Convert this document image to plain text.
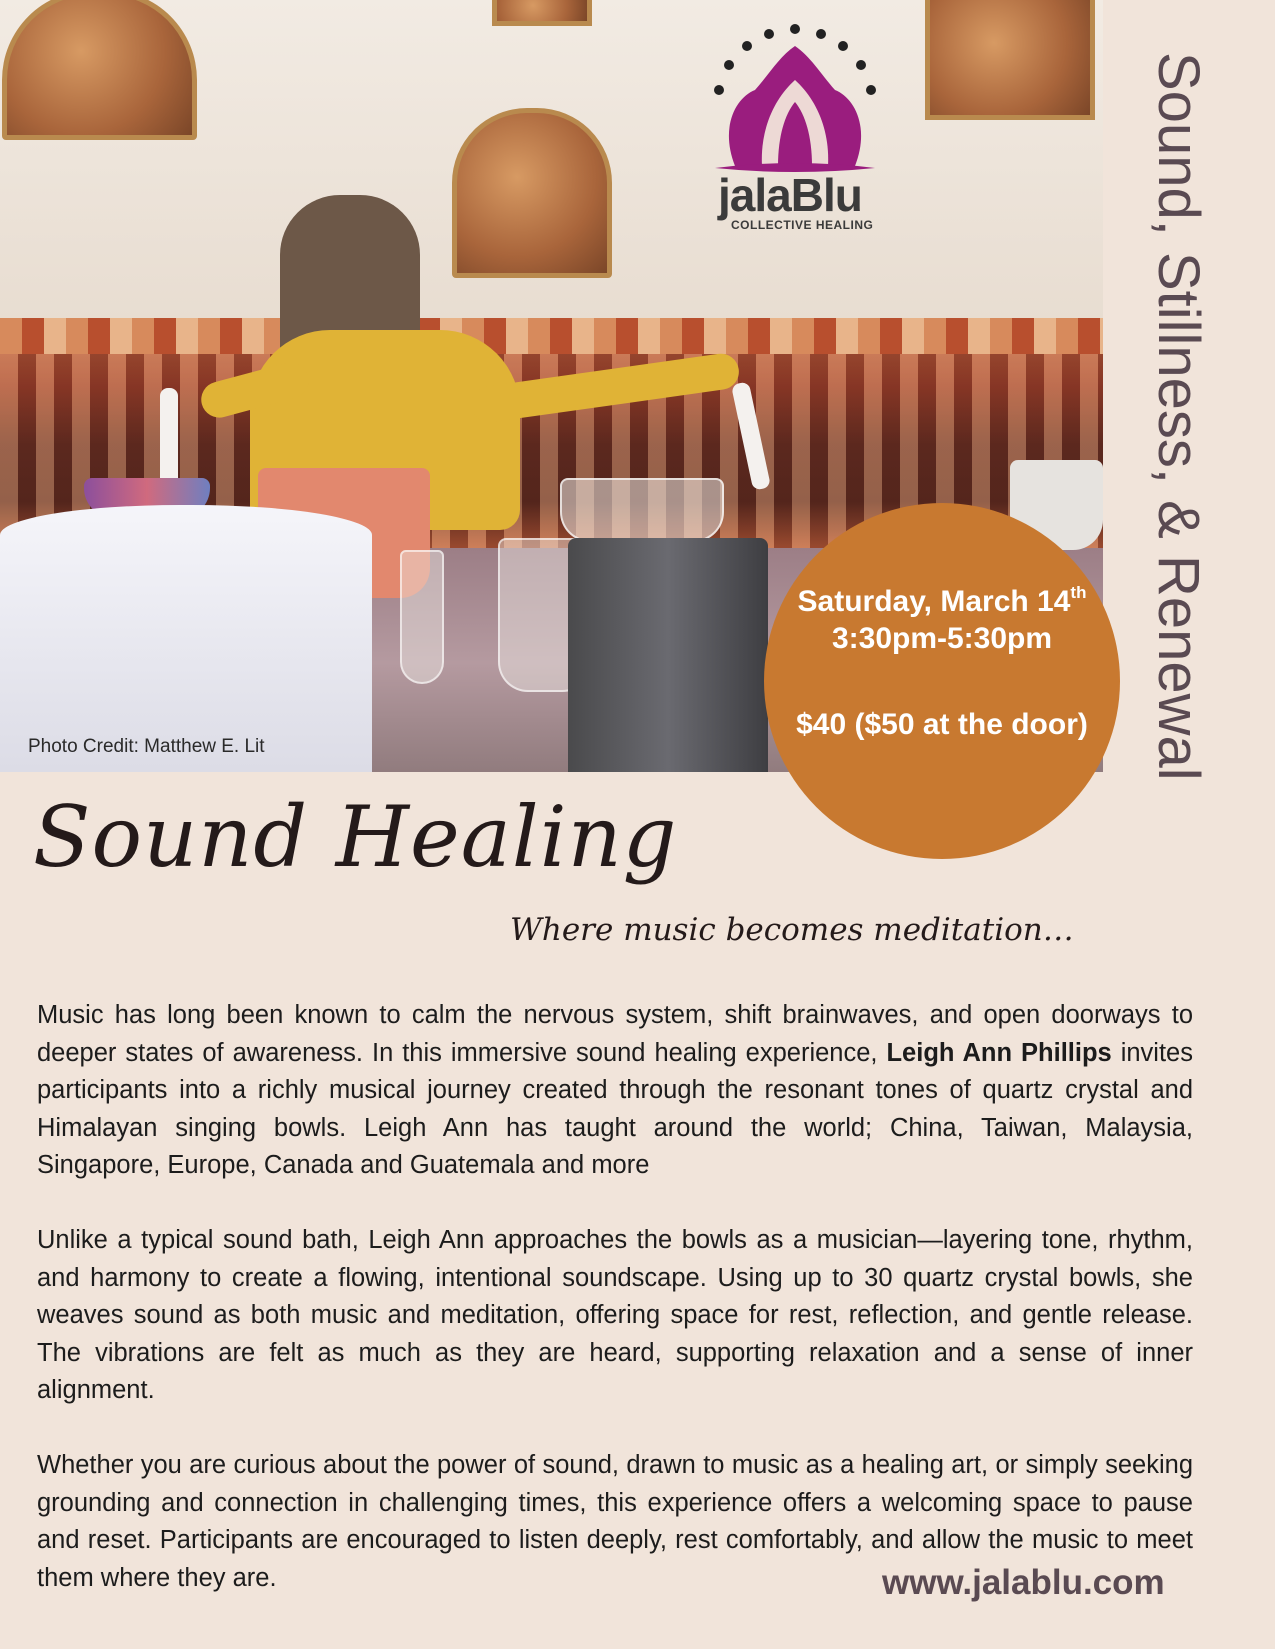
Photo Credit: Matthew E. Lit
jalaBlu
COLLECTIVE HEALING	Sound, Stillness, & Renewal
Saturday, March 14th
3:30pm-5:30pm
$40 ($50 at the door)
Sound Healing
Where music becomes meditation…
Music has long been known to calm the nervous system, shift brainwaves, and open doorways to deeper states of awareness. In this immersive sound healing experience, Leigh Ann Phillips invites participants into a richly musical journey created through the resonant tones of quartz crystal and Himalayan singing bowls. Leigh Ann has taught around the world; China, Taiwan, Malaysia, Singapore, Europe, Canada and Guatemala and more
Unlike a typical sound bath, Leigh Ann approaches the bowls as a musician—layering tone, rhythm, and harmony to create a flowing, intentional soundscape. Using up to 30 quartz crystal bowls, she weaves sound as both music and meditation, offering space for rest, reflection, and gentle release. The vibrations are felt as much as they are heard, supporting relaxation and a sense of inner alignment.
Whether you are curious about the power of sound, drawn to music as a healing art, or simply seeking grounding and connection in challenging times, this experience offers a welcoming space to pause and reset. Participants are encouraged to listen deeply, rest comfortably, and allow the music to meet them where they are.	www.jalablu.com
